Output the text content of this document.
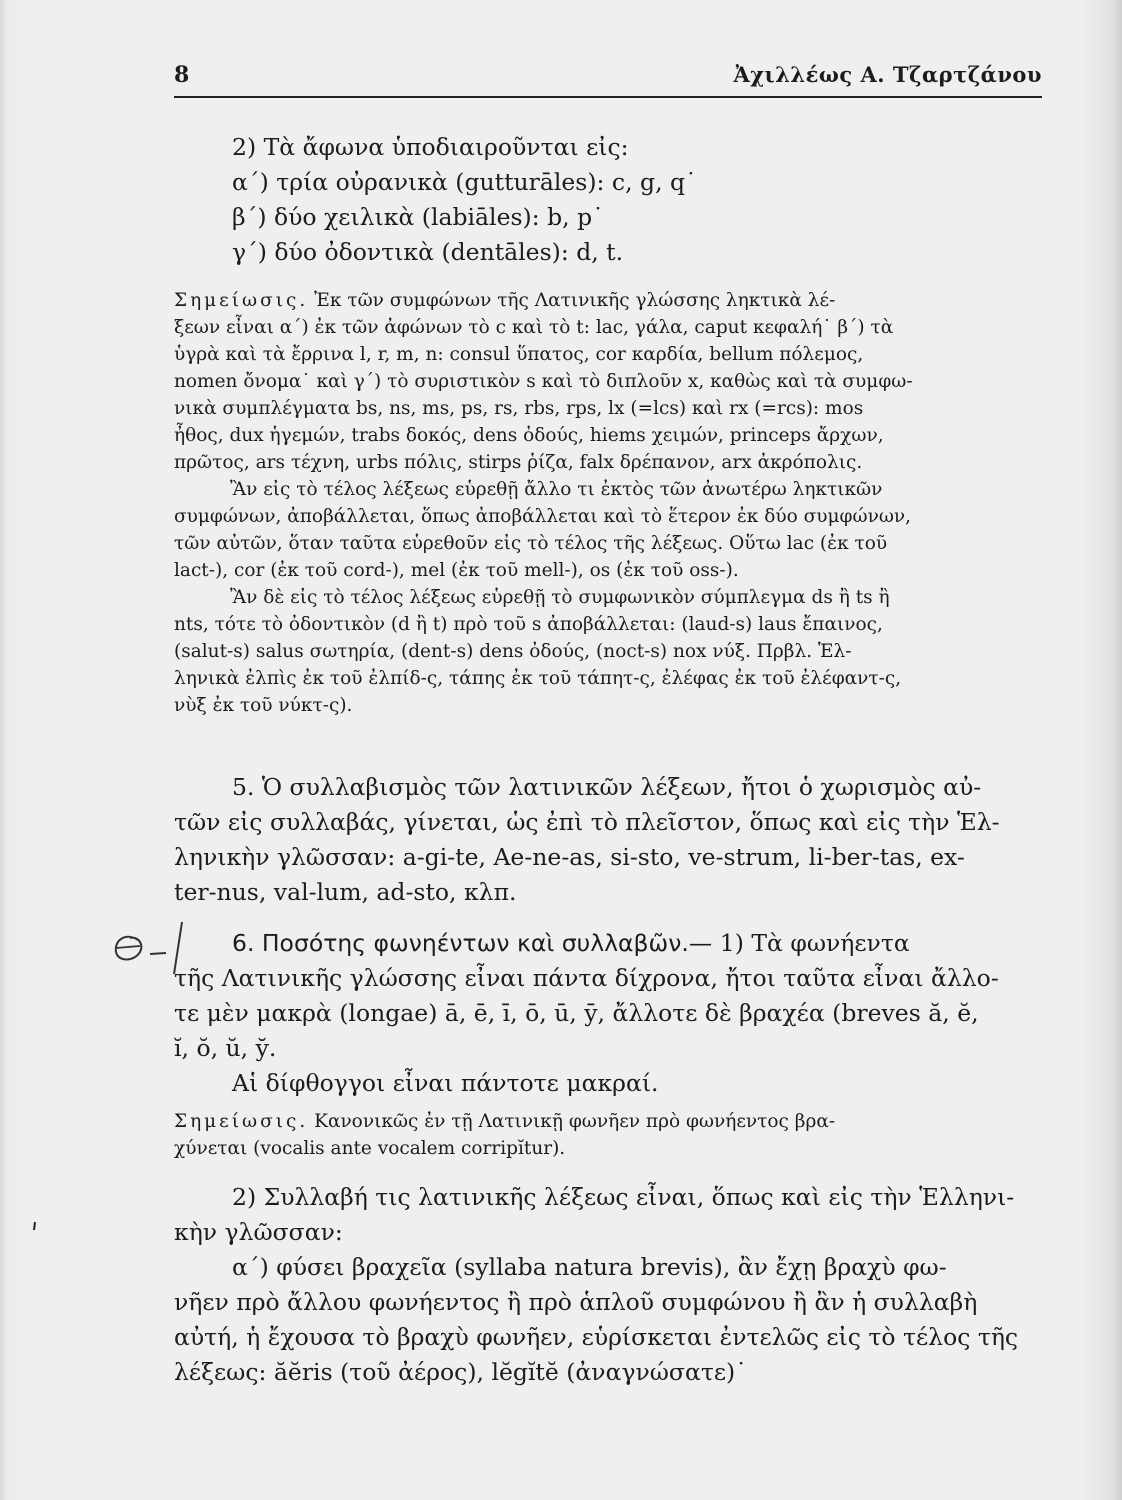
8	Ἀχιλλέως Α. Τζαρτζάνου

2) Τὰ ἄφωνα ὑποδιαιροῦνται εἰς:

α΄) τρία οὐρανικὰ (gutturāles): c, g, q˙

β΄) δύο χειλικὰ (labiāles): b, p˙

γ΄) δύο ὀδοντικὰ (dentāles): d, t.

Σημείωσις. Ἐκ τῶν συμφώνων τῆς Λατινικῆς γλώσσης ληκτικὰ λέ-

ξεων εἶναι α΄) ἐκ τῶν ἀφώνων τὸ c καὶ τὸ t: lac, γάλα, caput κεφαλή˙ β΄) τὰ

ὑγρὰ καὶ τὰ ἔρρινα l, r, m, n: consul ὕπατος, cor καρδία, bellum πόλεμος,

nomen ὄνομα˙ καὶ γ΄) τὸ συριστικὸν s καὶ τὸ διπλοῦν x, καθὼς καὶ τὰ συμφω-

νικὰ συμπλέγματα bs, ns, ms, ps, rs, rbs, rps, lx (=lcs) καὶ rx (=rcs): mos

ἦθος, dux ἡγεμών, trabs δοκός, dens ὀδούς, hiems χειμών, princeps ἄρχων,

πρῶτος, ars τέχνη, urbs πόλις, stirps ῥίζα, falx δρέπανον, arx ἀκρόπολις.

Ἂν εἰς τὸ τέλος λέξεως εὑρεθῇ ἄλλο τι ἐκτὸς τῶν ἀνωτέρω ληκτικῶν

συμφώνων, ἀποβάλλεται, ὅπως ἀποβάλλεται καὶ τὸ ἕτερον ἐκ δύο συμφώνων,

τῶν αὐτῶν, ὅταν ταῦτα εὑρεθοῦν εἰς τὸ τέλος τῆς λέξεως. Οὕτω lac (ἐκ τοῦ

lact-), cor (ἐκ τοῦ cord-), mel (ἐκ τοῦ mell-), os (ἐκ τοῦ oss-).

Ἂν δὲ εἰς τὸ τέλος λέξεως εὑρεθῇ τὸ συμφωνικὸν σύμπλεγμα ds ἢ ts ἢ

nts, τότε τὸ ὀδοντικὸν (d ἢ t) πρὸ τοῦ s ἀποβάλλεται: (laud-s) laus ἔπαινος,

(salut-s) salus σωτηρία, (dent-s) dens ὀδούς, (noct-s) nox νύξ. Πρβλ. Ἑλ-

ληνικὰ ἐλπὶς ἐκ τοῦ ἐλπίδ-ς, τάπης ἐκ τοῦ τάπητ-ς, ἐλέφας ἐκ τοῦ ἐλέφαντ-ς,

νὺξ ἐκ τοῦ νύκτ-ς).

5. Ὁ συλλαβισμὸς τῶν λατινικῶν λέξεων, ἤτοι ὁ χωρισμὸς αὐ-

τῶν εἰς συλλαβάς, γίνεται, ὡς ἐπὶ τὸ πλεῖστον, ὅπως καὶ εἰς τὴν Ἑλ-

ληνικὴν γλῶσσαν: a-gi-te, Ae-ne-as, si-sto, ve-strum, li-ber-tas, ex-

ter-nus, val-lum, ad-sto, κλπ.

6. Ποσότης φωνηέντων καὶ συλλαβῶν.— 1) Τὰ φωνήεντα

τῆς Λατινικῆς γλώσσης εἶναι πάντα δίχρονα, ἤτοι ταῦτα εἶναι ἄλλο-

τε μὲν μακρὰ (longae) ā, ē, ī, ō, ū, ȳ, ἄλλοτε δὲ βραχέα (breves ă, ĕ,

ĭ, ŏ, ŭ, y̆.

Αἱ δίφθογγοι εἶναι πάντοτε μακραί.

Σημείωσις. Κανονικῶς ἐν τῇ Λατινικῇ φωνῆεν πρὸ φωνήεντος βρα-

χύνεται (vocalis ante vocalem corripĭtur).

2) Συλλαβή τις λατινικῆς λέξεως εἶναι, ὅπως καὶ εἰς τὴν Ἑλληνι-

κὴν γλῶσσαν:

α΄) φύσει βραχεῖα (syllaba natura brevis), ἂν ἔχῃ βραχὺ φω-

νῆεν πρὸ ἄλλου φωνήεντος ἢ πρὸ ἁπλοῦ συμφώνου ἢ ἂν ἡ συλλαβὴ

αὐτή, ἡ ἔχουσα τὸ βραχὺ φωνῆεν, εὑρίσκεται ἐντελῶς εἰς τὸ τέλος τῆς

λέξεως: ăĕris (τοῦ ἀέρος), lĕgĭtĕ (ἀναγνώσατε)˙
